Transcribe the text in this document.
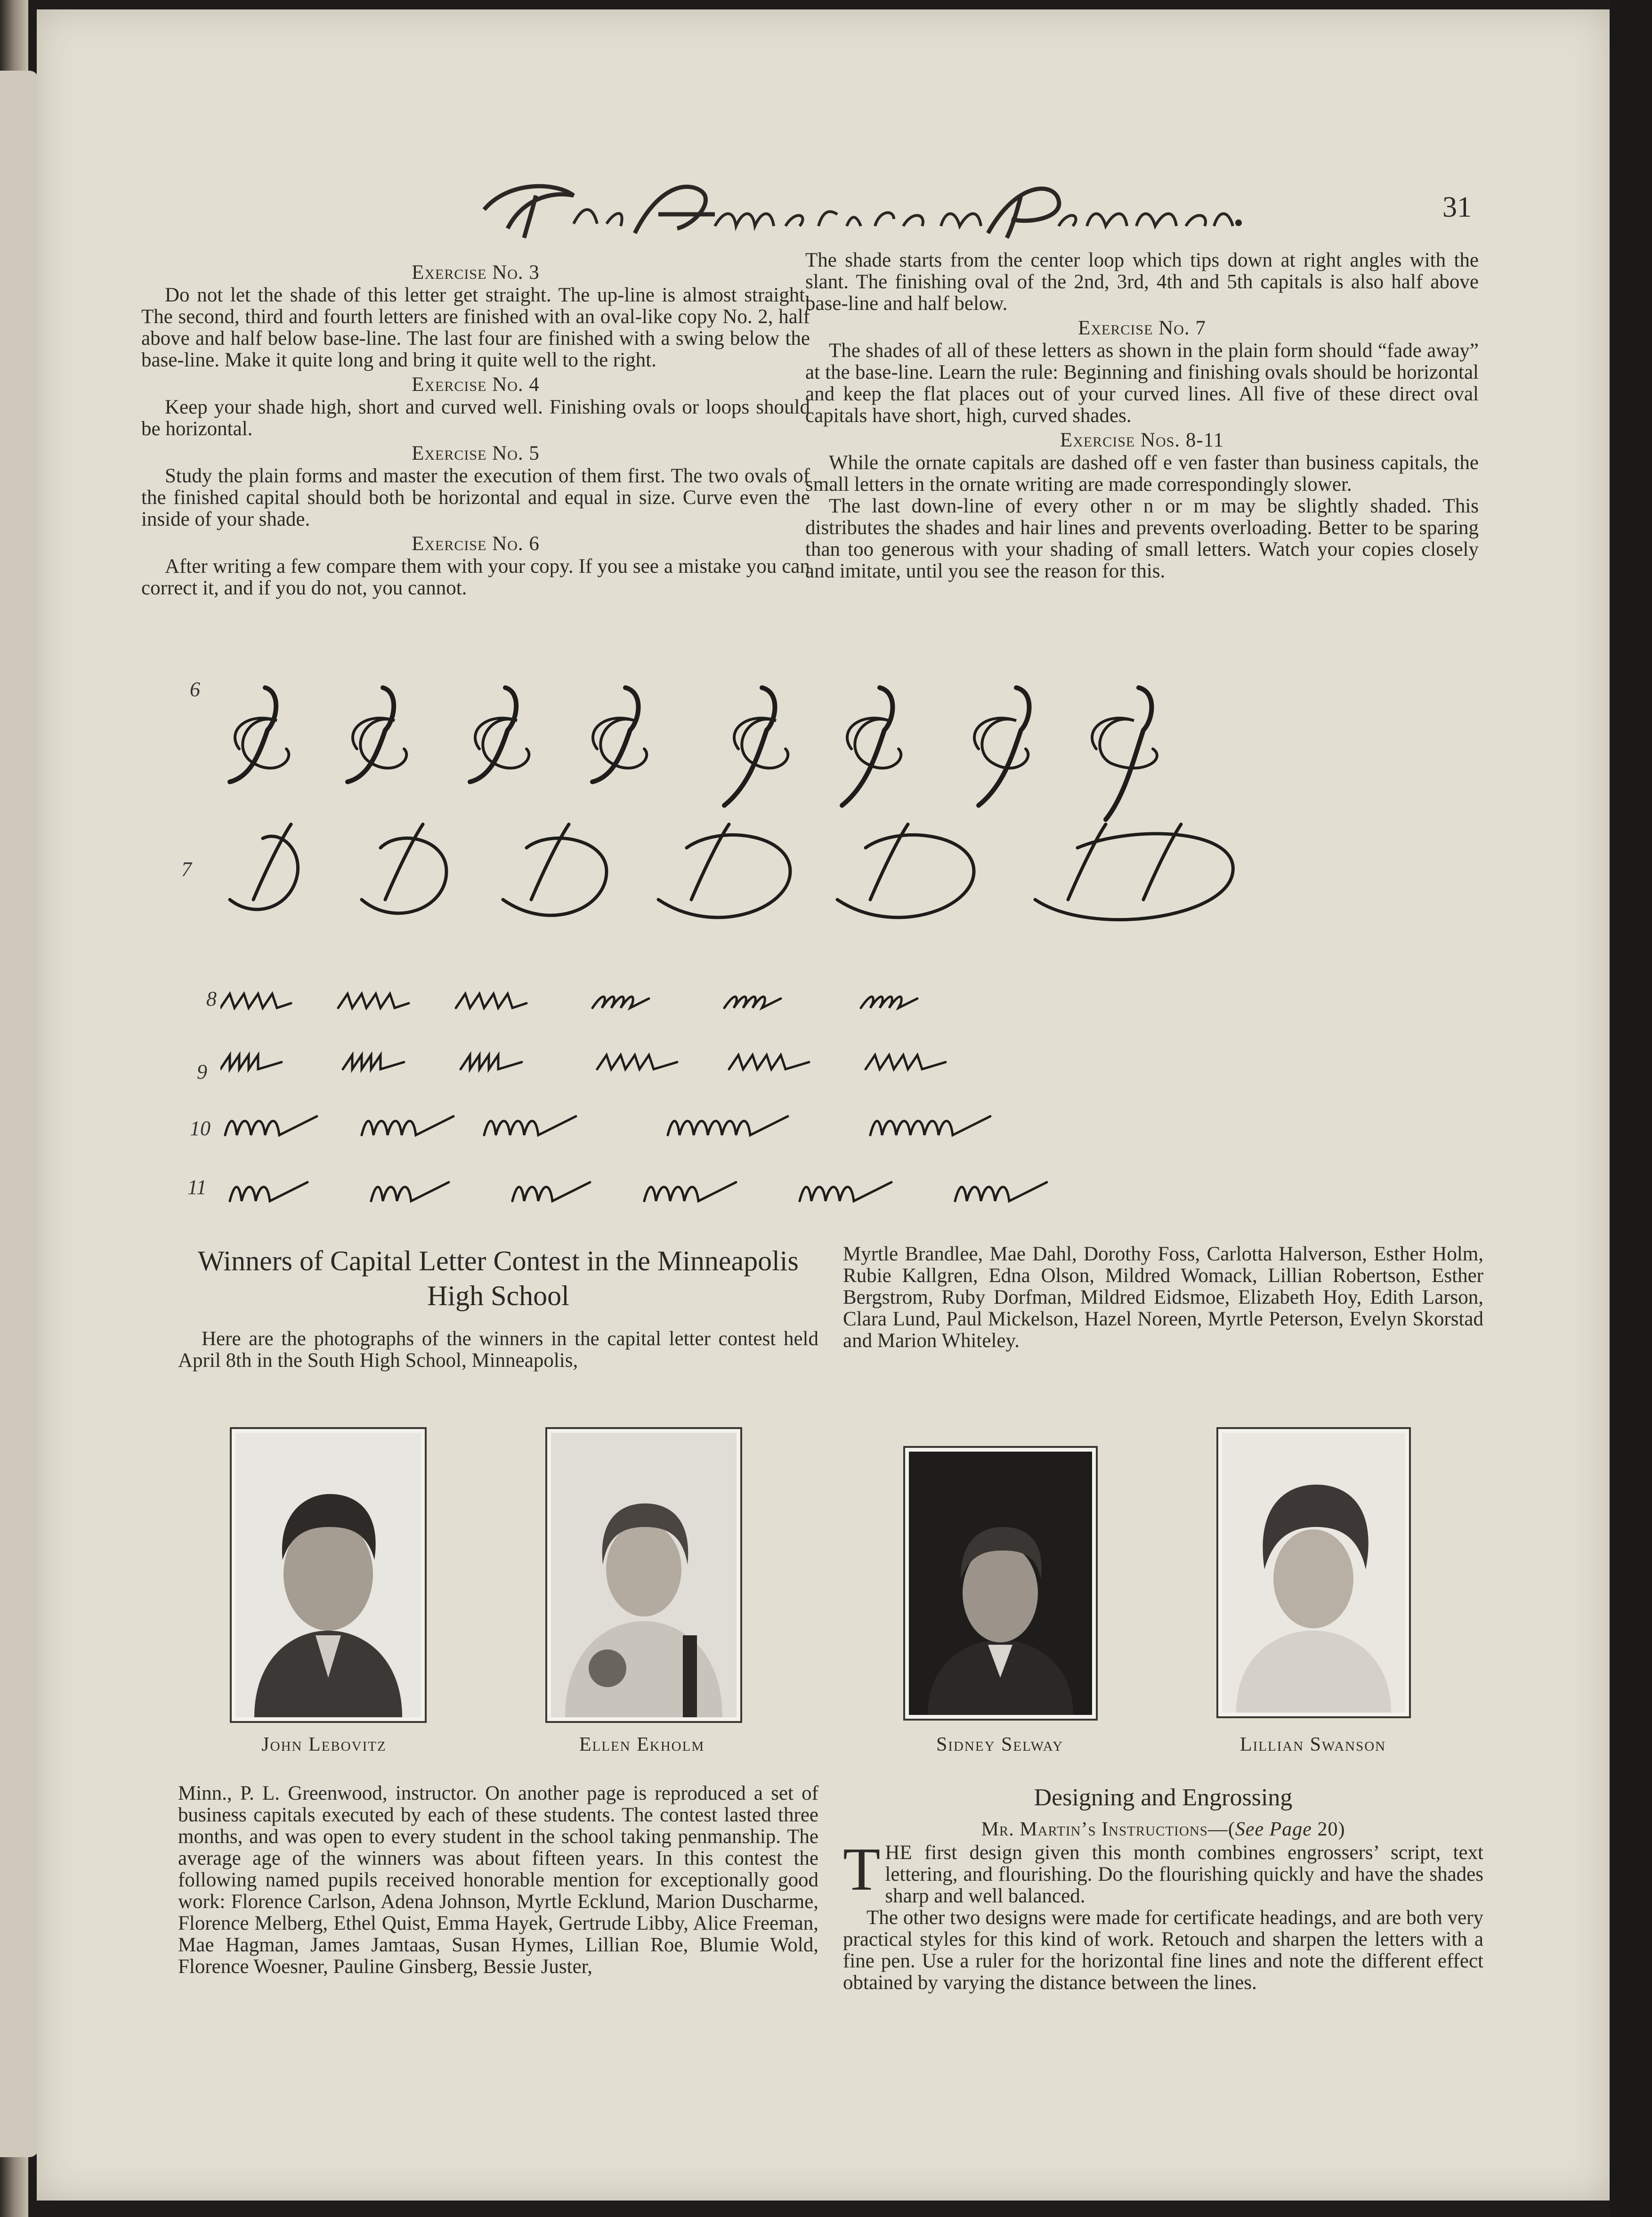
31
Exercise No. 3

Do not let the shade of this letter get straight. The up-line is almost straight. The second, third and fourth letters are finished with an oval-like copy No. 2, half above and half below base-line. The last four are finished with a swing below the base-line. Make it quite long and bring it quite well to the right.

Exercise No. 4

Keep your shade high, short and curved well. Finishing ovals or loops should be horizontal.

Exercise No. 5

Study the plain forms and master the execution of them first. The two ovals of the finished capital should both be horizontal and equal in size. Curve even the inside of your shade.

Exercise No. 6

After writing a few compare them with your copy. If you see a mistake you can correct it, and if you do not, you cannot.

The shade starts from the center loop which tips down at right angles with the slant. The finishing oval of the 2nd, 3rd, 4th and 5th capitals is also half above base-line and half below.

Exercise No. 7

The shades of all of these letters as shown in the plain form should “fade away” at the base-line. Learn the rule: Beginning and finishing ovals should be horizontal and keep the flat places out of your curved lines. All five of these direct oval capitals have short, high, curved shades.

Exercise Nos. 8-11

While the ornate capitals are dashed off e ven faster than business capitals, the small letters in the ornate writing are made correspondingly slower.

The last down-line of every other n or m may be slightly shaded. This distributes the shades and hair lines and prevents overloading. Better to be sparing than too generous with your shading of small letters. Watch your copies closely and imitate, until you see the reason for this.

6
7
8
9
10
11
Winners of Capital Letter Contest in the Minneapolis High School

Here are the photographs of the winners in the capital letter contest held April 8th in the South High School, Minneapolis,

Myrtle Brandlee, Mae Dahl, Dorothy Foss, Carlotta Halverson, Esther Holm, Rubie Kallgren, Edna Olson, Mildred Womack, Lillian Robertson, Esther Bergstrom, Ruby Dorfman, Mildred Eidsmoe, Elizabeth Hoy, Edith Larson, Clara Lund, Paul Mickelson, Hazel Noreen, Myrtle Peterson, Evelyn Skorstad and Marion Whiteley.

John Lebovitz	Ellen Ekholm	Sidney Selway	Lillian Swanson

Minn., P. L. Greenwood, instructor. On another page is reproduced a set of business capitals executed by each of these students. The contest lasted three months, and was open to every student in the school taking penmanship. The average age of the winners was about fifteen years. In this contest the following named pupils received honorable mention for exceptionally good work: Florence Carlson, Adena Johnson, Myrtle Ecklund, Marion Duscharme, Florence Melberg, Ethel Quist, Emma Hayek, Gertrude Libby, Alice Freeman, Mae Hagman, James Jamtaas, Susan Hymes, Lillian Roe, Blumie Wold, Florence Woesner, Pauline Ginsberg, Bessie Juster,

Designing and Engrossing
Mr. Martin’s Instructions—(See Page 20)
T HE first design given this month combines engrossers’ script, text lettering, and flourishing. Do the flourishing quickly and have the shades sharp and well balanced.

The other two designs were made for certificate headings, and are both very practical styles for this kind of work. Retouch and sharpen the letters with a fine pen. Use a ruler for the horizontal fine lines and note the different effect obtained by varying the distance between the lines.
